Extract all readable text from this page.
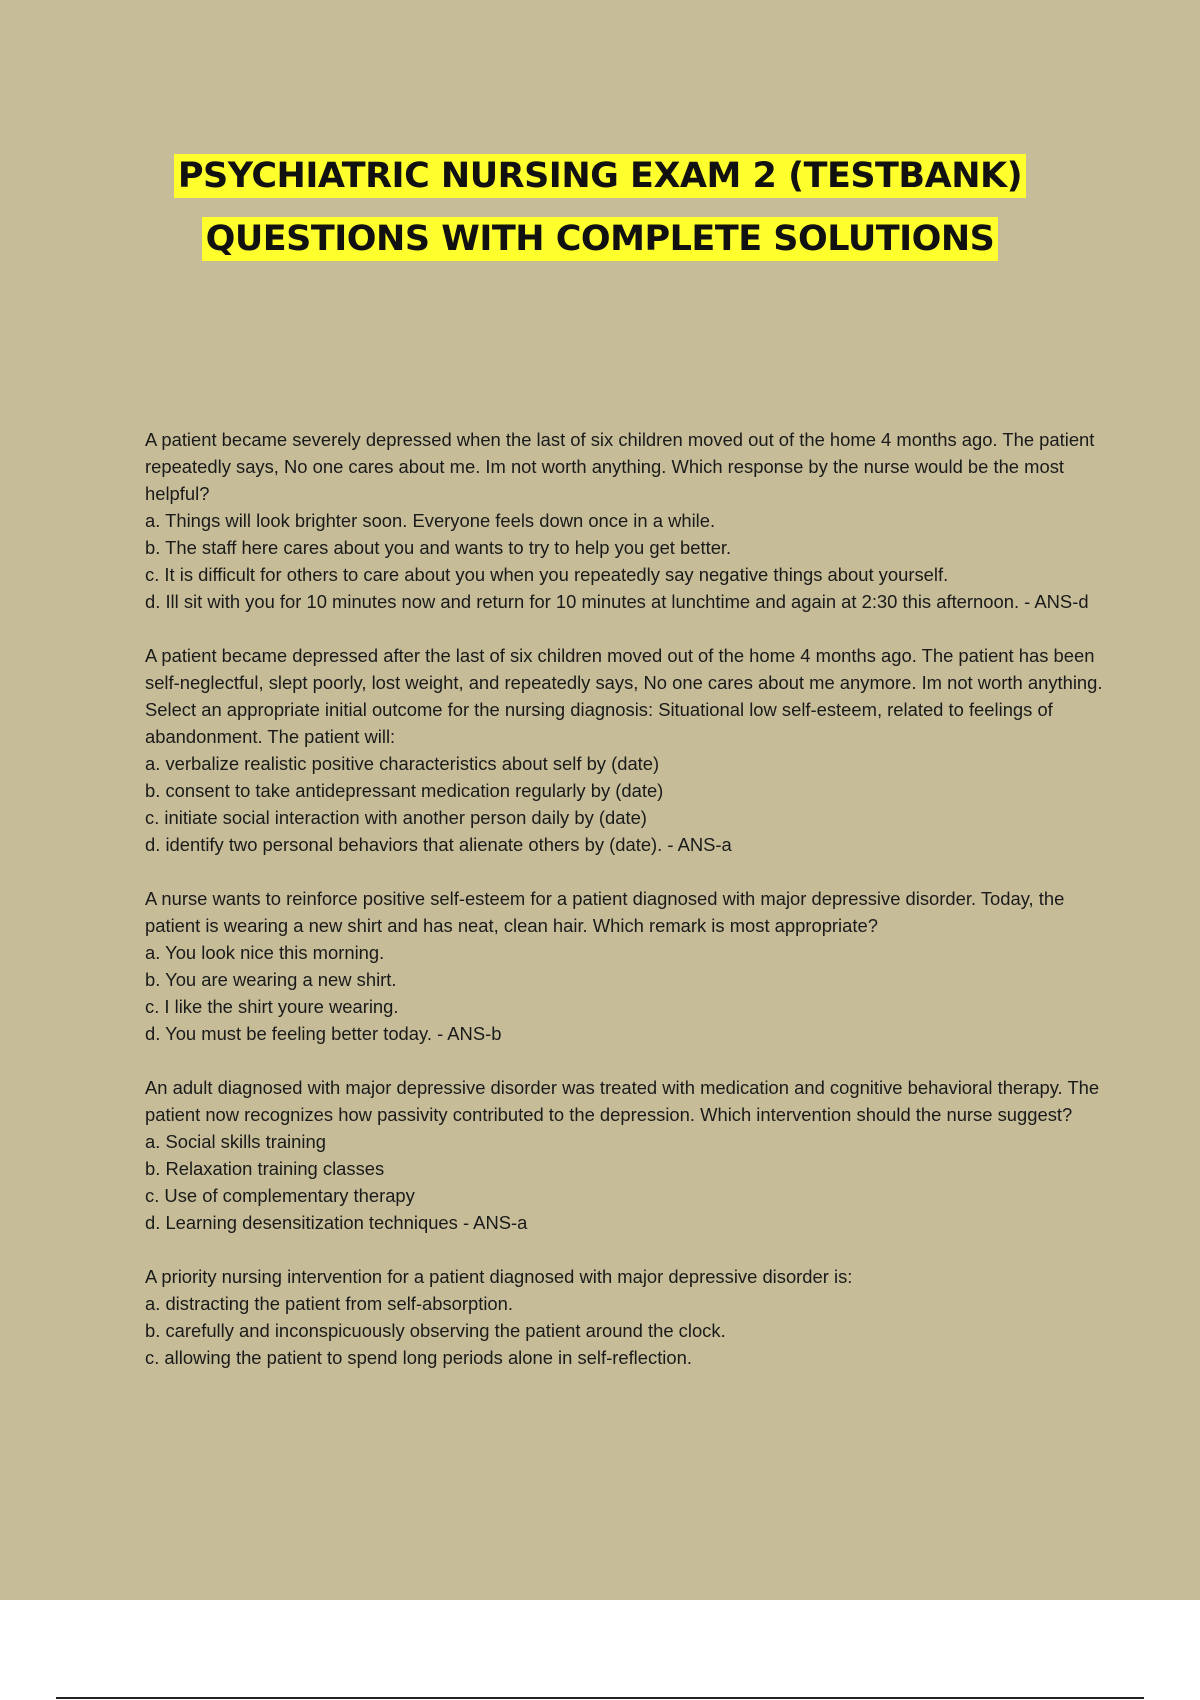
PSYCHIATRIC NURSING EXAM 2 (TESTBANK)
QUESTIONS WITH COMPLETE SOLUTIONS

A patient became severely depressed when the last of six children moved out of the home 4 months ago. The patient repeatedly says, No one cares about me. Im not worth anything. Which response by the nurse would be the most helpful?

a. Things will look brighter soon. Everyone feels down once in a while.

b. The staff here cares about you and wants to try to help you get better.

c. It is difficult for others to care about you when you repeatedly say negative things about yourself.

d. Ill sit with you for 10 minutes now and return for 10 minutes at lunchtime and again at 2:30 this afternoon. - ANS-d

A patient became depressed after the last of six children moved out of the home 4 months ago. The patient has been self-neglectful, slept poorly, lost weight, and repeatedly says, No one cares about me anymore. Im not worth anything. Select an appropriate initial outcome for the nursing diagnosis: Situational low self-esteem, related to feelings of abandonment. The patient will:

a. verbalize realistic positive characteristics about self by (date)

b. consent to take antidepressant medication regularly by (date)

c. initiate social interaction with another person daily by (date)

d. identify two personal behaviors that alienate others by (date). - ANS-a

A nurse wants to reinforce positive self-esteem for a patient diagnosed with major depressive disorder. Today, the patient is wearing a new shirt and has neat, clean hair. Which remark is most appropriate?

a. You look nice this morning.

b. You are wearing a new shirt.

c. I like the shirt youre wearing.

d. You must be feeling better today. - ANS-b

An adult diagnosed with major depressive disorder was treated with medication and cognitive behavioral therapy. The patient now recognizes how passivity contributed to the depression. Which intervention should the nurse suggest?

a. Social skills training

b. Relaxation training classes

c. Use of complementary therapy

d. Learning desensitization techniques - ANS-a

A priority nursing intervention for a patient diagnosed with major depressive disorder is:

a. distracting the patient from self-absorption.

b. carefully and inconspicuously observing the patient around the clock.

c. allowing the patient to spend long periods alone in self-reflection.
